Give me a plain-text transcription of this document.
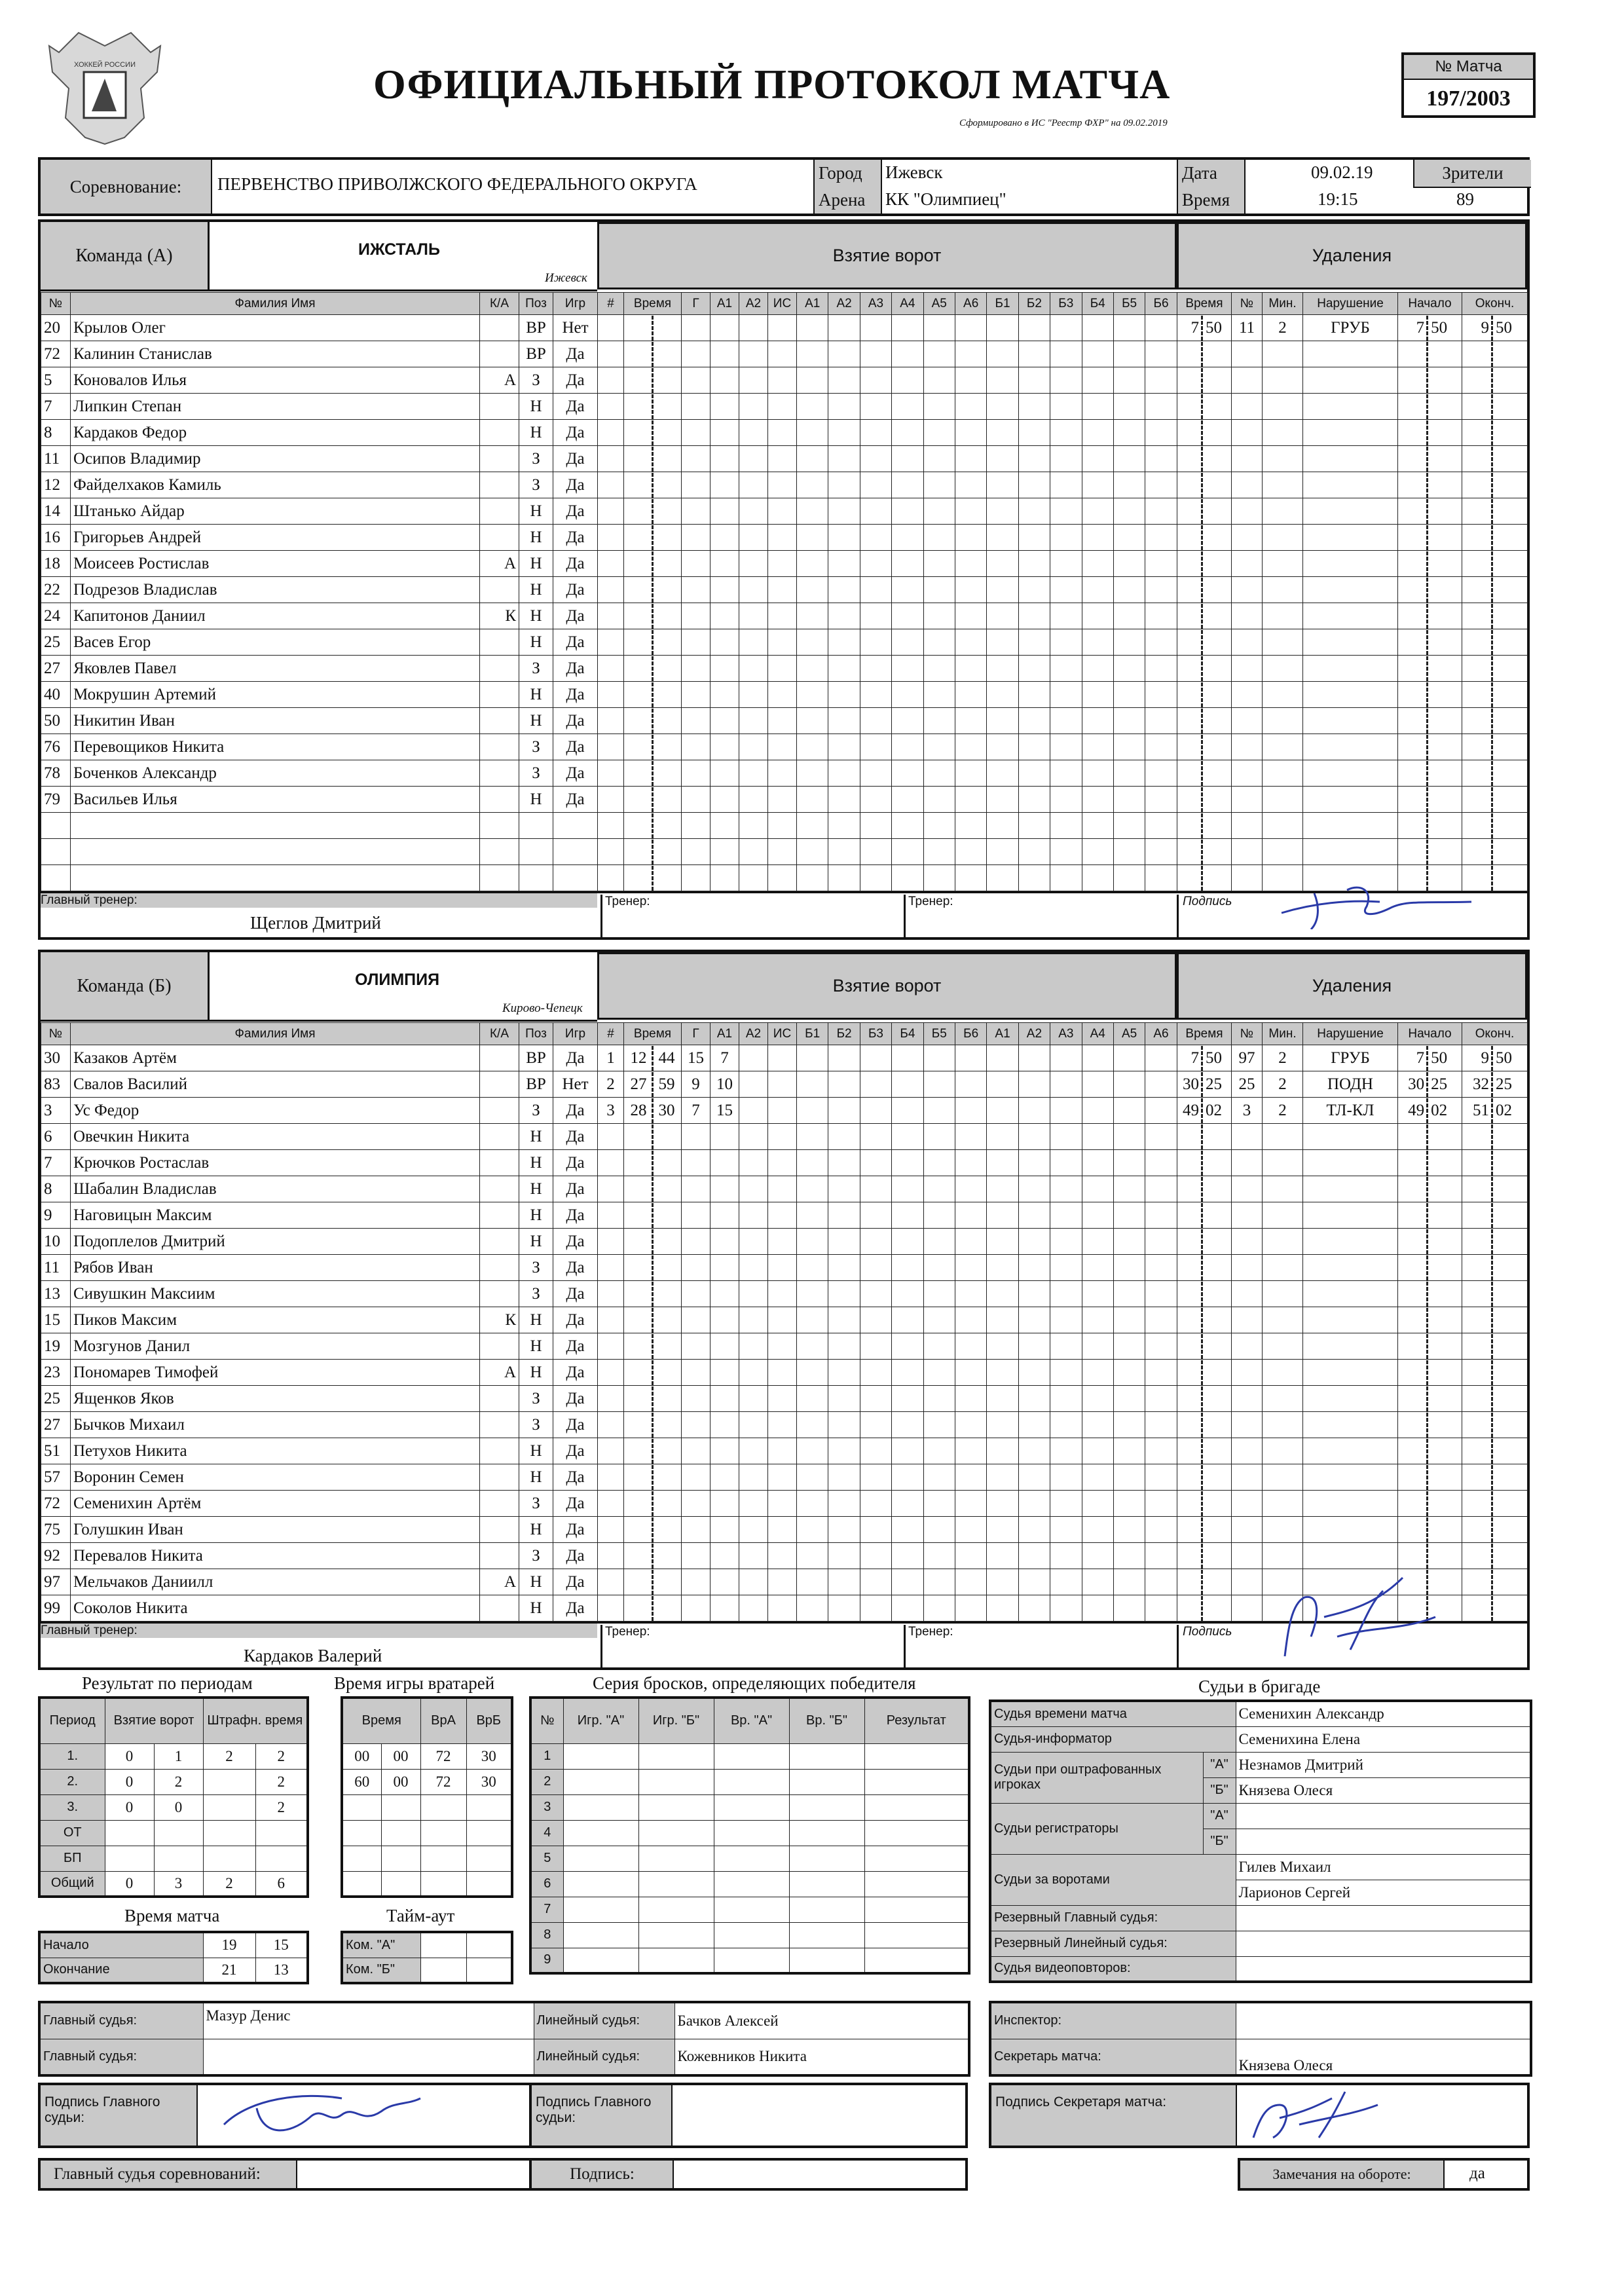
ХОККЕЙ РОССИИ	ОФИЦИАЛЬНЫЙ ПРОТОКОЛ МАТЧА
Сформировано в ИС "Реестр ФХР" на 09.02.2019
№ Матча
197/2003
Соревнование:	ПЕРВЕНСТВО ПРИВОЛЖСКОГО ФЕДЕРАЛЬНОГО ОКРУГА
Город	Ижевск
Арена	КК "Олимпиец"
Дата	09.02.19
Время	19:15
Зрители
89
Команда (А)	ИЖСТАЛЬ
Ижевск
Взятие ворот	Удаления
№	Фамилия Имя	К/А	Поз	Игр
20	Крылов Олег		ВР	Нет
72	Калинин Станислав		ВР	Да
5	Коновалов Илья	А	З	Да
7	Липкин Степан		Н	Да
8	Кардаков Федор		Н	Да
11	Осипов Владимир		З	Да
12	Файделхаков Камиль		З	Да
14	Штанько Айдар		Н	Да
16	Григорьев Андрей		Н	Да
18	Моисеев Ростислав	А	Н	Да
22	Подрезов Владислав		Н	Да
24	Капитонов Даниил	К	Н	Да
25	Васев Егор		Н	Да
27	Яковлев Павел		З	Да
40	Мокрушин Артемий		Н	Да
50	Никитин Иван		Н	Да
76	Перевощиков Никита		З	Да
78	Боченков Александр		З	Да
79	Васильев Илья		Н	Да

#	Время	Г	А1	А2	ИС	А1	А2	А3	А4	А5	А6	Б1	Б2	Б3	Б4	Б5	Б6

																	Время	№	Мин.	Нарушение	Начало	Оконч.
7 50	11	2	ГРУБ	7 50	9 50

Главный тренер:
Щеглов Дмитрий
Тренер:	Тренер:	Подпись
Команда (Б)	ОЛИМПИЯ
Кирово-Чепецк
Взятие ворот	Удаления
№	Фамилия Имя	К/А	Поз	Игр
30	Казаков Артём		ВР	Да
83	Свалов Василий		ВР	Нет
3	Ус Федор		З	Да
6	Овечкин Никита		Н	Да
7	Крючков Ростаслав		Н	Да
8	Шабалин Владислав		Н	Да
9	Наговицын Максим		Н	Да
10	Подоплелов Дмитрий		Н	Да
11	Рябов Иван		З	Да
13	Сивушкин Максиим		З	Да
15	Пиков Максим	К	Н	Да
19	Мозгунов Данил		Н	Да
23	Пономарев Тимофей	А	Н	Да
25	Ященков Яков		З	Да
27	Бычков Михаил		З	Да
51	Петухов Никита		Н	Да
57	Воронин Семен		Н	Да
72	Семенихин Артём		З	Да
75	Голушкин Иван		Н	Да
92	Перевалов Никита		З	Да
97	Мельчаков Даниилл	А	Н	Да
99	Соколов Никита		Н	Да
#	Время	Г	А1	А2	ИС	Б1	Б2	Б3	Б4	Б5	Б6	А1	А2	А3	А4	А5	А6
1	12 44	15	7														
2	27 59	9	10														
3	28 30	7	15														

Время	№	Мин.	Нарушение	Начало	Оконч.
7 50	97	2	ГРУБ	7 50	9 50
30 25	25	2	ПОДН	30 25	32 25
49 02	3	2	ТЛ-КЛ	49 02	51 02

Главный тренер:
Кардаков Валерий
Тренер:	Тренер:	Подпись
Результат по периодам
Период	Взятие ворот		Штрафн. время	
1.	0	1	2	2
2.	0	2		2
3.	0	0		2
ОТ				
БП				
Общий	0	3	2	6
Время игры вратарей
Время		ВрА	ВрБ
00	00	72	30
60	00	72	30

Время матча
Начало	19	15
Окончание	21	13
Тайм-аут
Ком. "А"		
Ком. "Б"		
Серия бросков, определяющих победителя
№	Игр. "А"	Игр. "Б"	Вр. "А"	Вр. "Б"	Результат
1					
2					
3					
4					
5					
6					
7					
8					
9					
Судьи в бригаде
Судья времени матча		Семенихин Александр
Судья-информатор		Семенихина Елена
Судьи при оштрафованных игроках	"А"	Незнамов Дмитрий
	"Б"	Князева Олеся
Судьи регистраторы	"А"	
	"Б"	
Судьи за воротами		Гилев Михаил
		Ларионов Сергей
Резервный Главный судья:		
Резервный Линейный судья:		
Судья видеоповторов:		
Главный судья:	Мазур Денис	Линейный судья:	Бачков Алексей
Главный судья:		Линейный судья:	Кожевников Никита
Инспектор:	
Секретарь матча:	Князева Олеся
Подпись Главного судьи:
Подпись Главного судьи:
Подпись Секретаря матча:
Главный судья соревнований:	Подпись:	Замечания на обороте:	да
